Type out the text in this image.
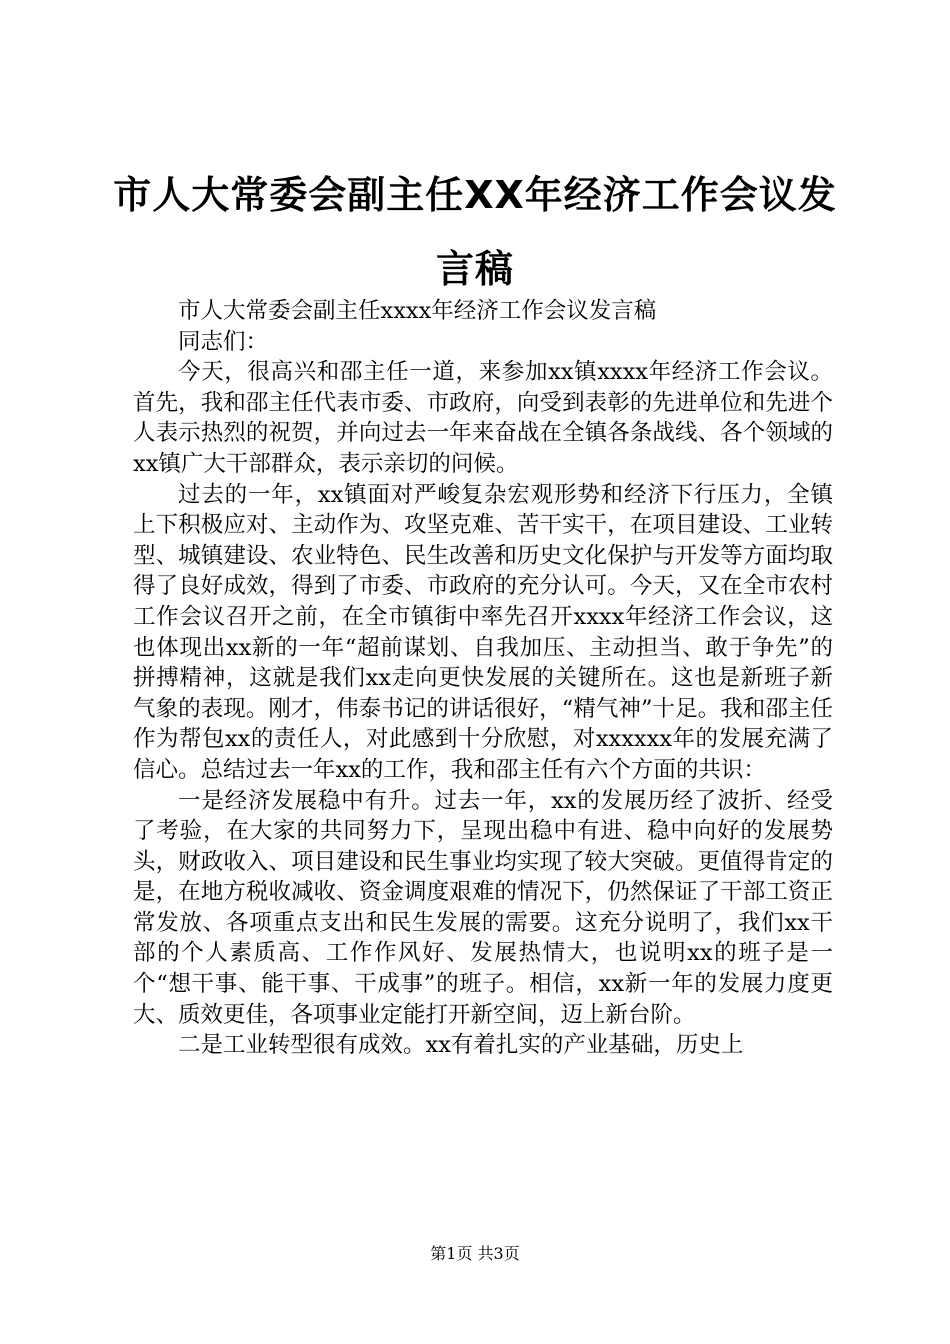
市人大常委会副主任XX年经济工作会议发言稿

市人大常委会副主任xxxx年经济工作会议发言稿

同志们：

今天，很高兴和邵主任一道，来参加xx镇xxxx年经济工作会议。首先，我和邵主任代表市委、市政府，向受到表彰的先进单位和先进个人表示热烈的祝贺，并向过去一年来奋战在全镇各条战线、各个领域的xx镇广大干部群众，表示亲切的问候。

过去的一年，xx镇面对严峻复杂宏观形势和经济下行压力，全镇上下积极应对、主动作为、攻坚克难、苦干实干，在项目建设、工业转型、城镇建设、农业特色、民生改善和历史文化保护与开发等方面均取得了良好成效，得到了市委、市政府的充分认可。今天，又在全市农村工作会议召开之前，在全市镇街中率先召开xxxx年经济工作会议，这也体现出xx新的一年“超前谋划、自我加压、主动担当、敢于争先”的拼搏精神，这就是我们xx走向更快发展的关键所在。这也是新班子新气象的表现。刚才，伟泰书记的讲话很好，“精气神”十足。我和邵主任作为帮包xx的责任人，对此感到十分欣慰，对xxxxxx年的发展充满了信心。总结过去一年xx的工作，我和邵主任有六个方面的共识：

一是经济发展稳中有升。过去一年，xx的发展历经了波折、经受了考验，在大家的共同努力下，呈现出稳中有进、稳中向好的发展势头，财政收入、项目建设和民生事业均实现了较大突破。更值得肯定的是，在地方税收减收、资金调度艰难的情况下，仍然保证了干部工资正常发放、各项重点支出和民生发展的需要。这充分说明了，我们xx干部的个人素质高、工作作风好、发展热情大，也说明xx的班子是一个“想干事、能干事、干成事”的班子。相信，xx新一年的发展力度更大、质效更佳，各项事业定能打开新空间，迈上新台阶。

二是工业转型很有成效。xx有着扎实的产业基础，历史上

第1页 共3页
